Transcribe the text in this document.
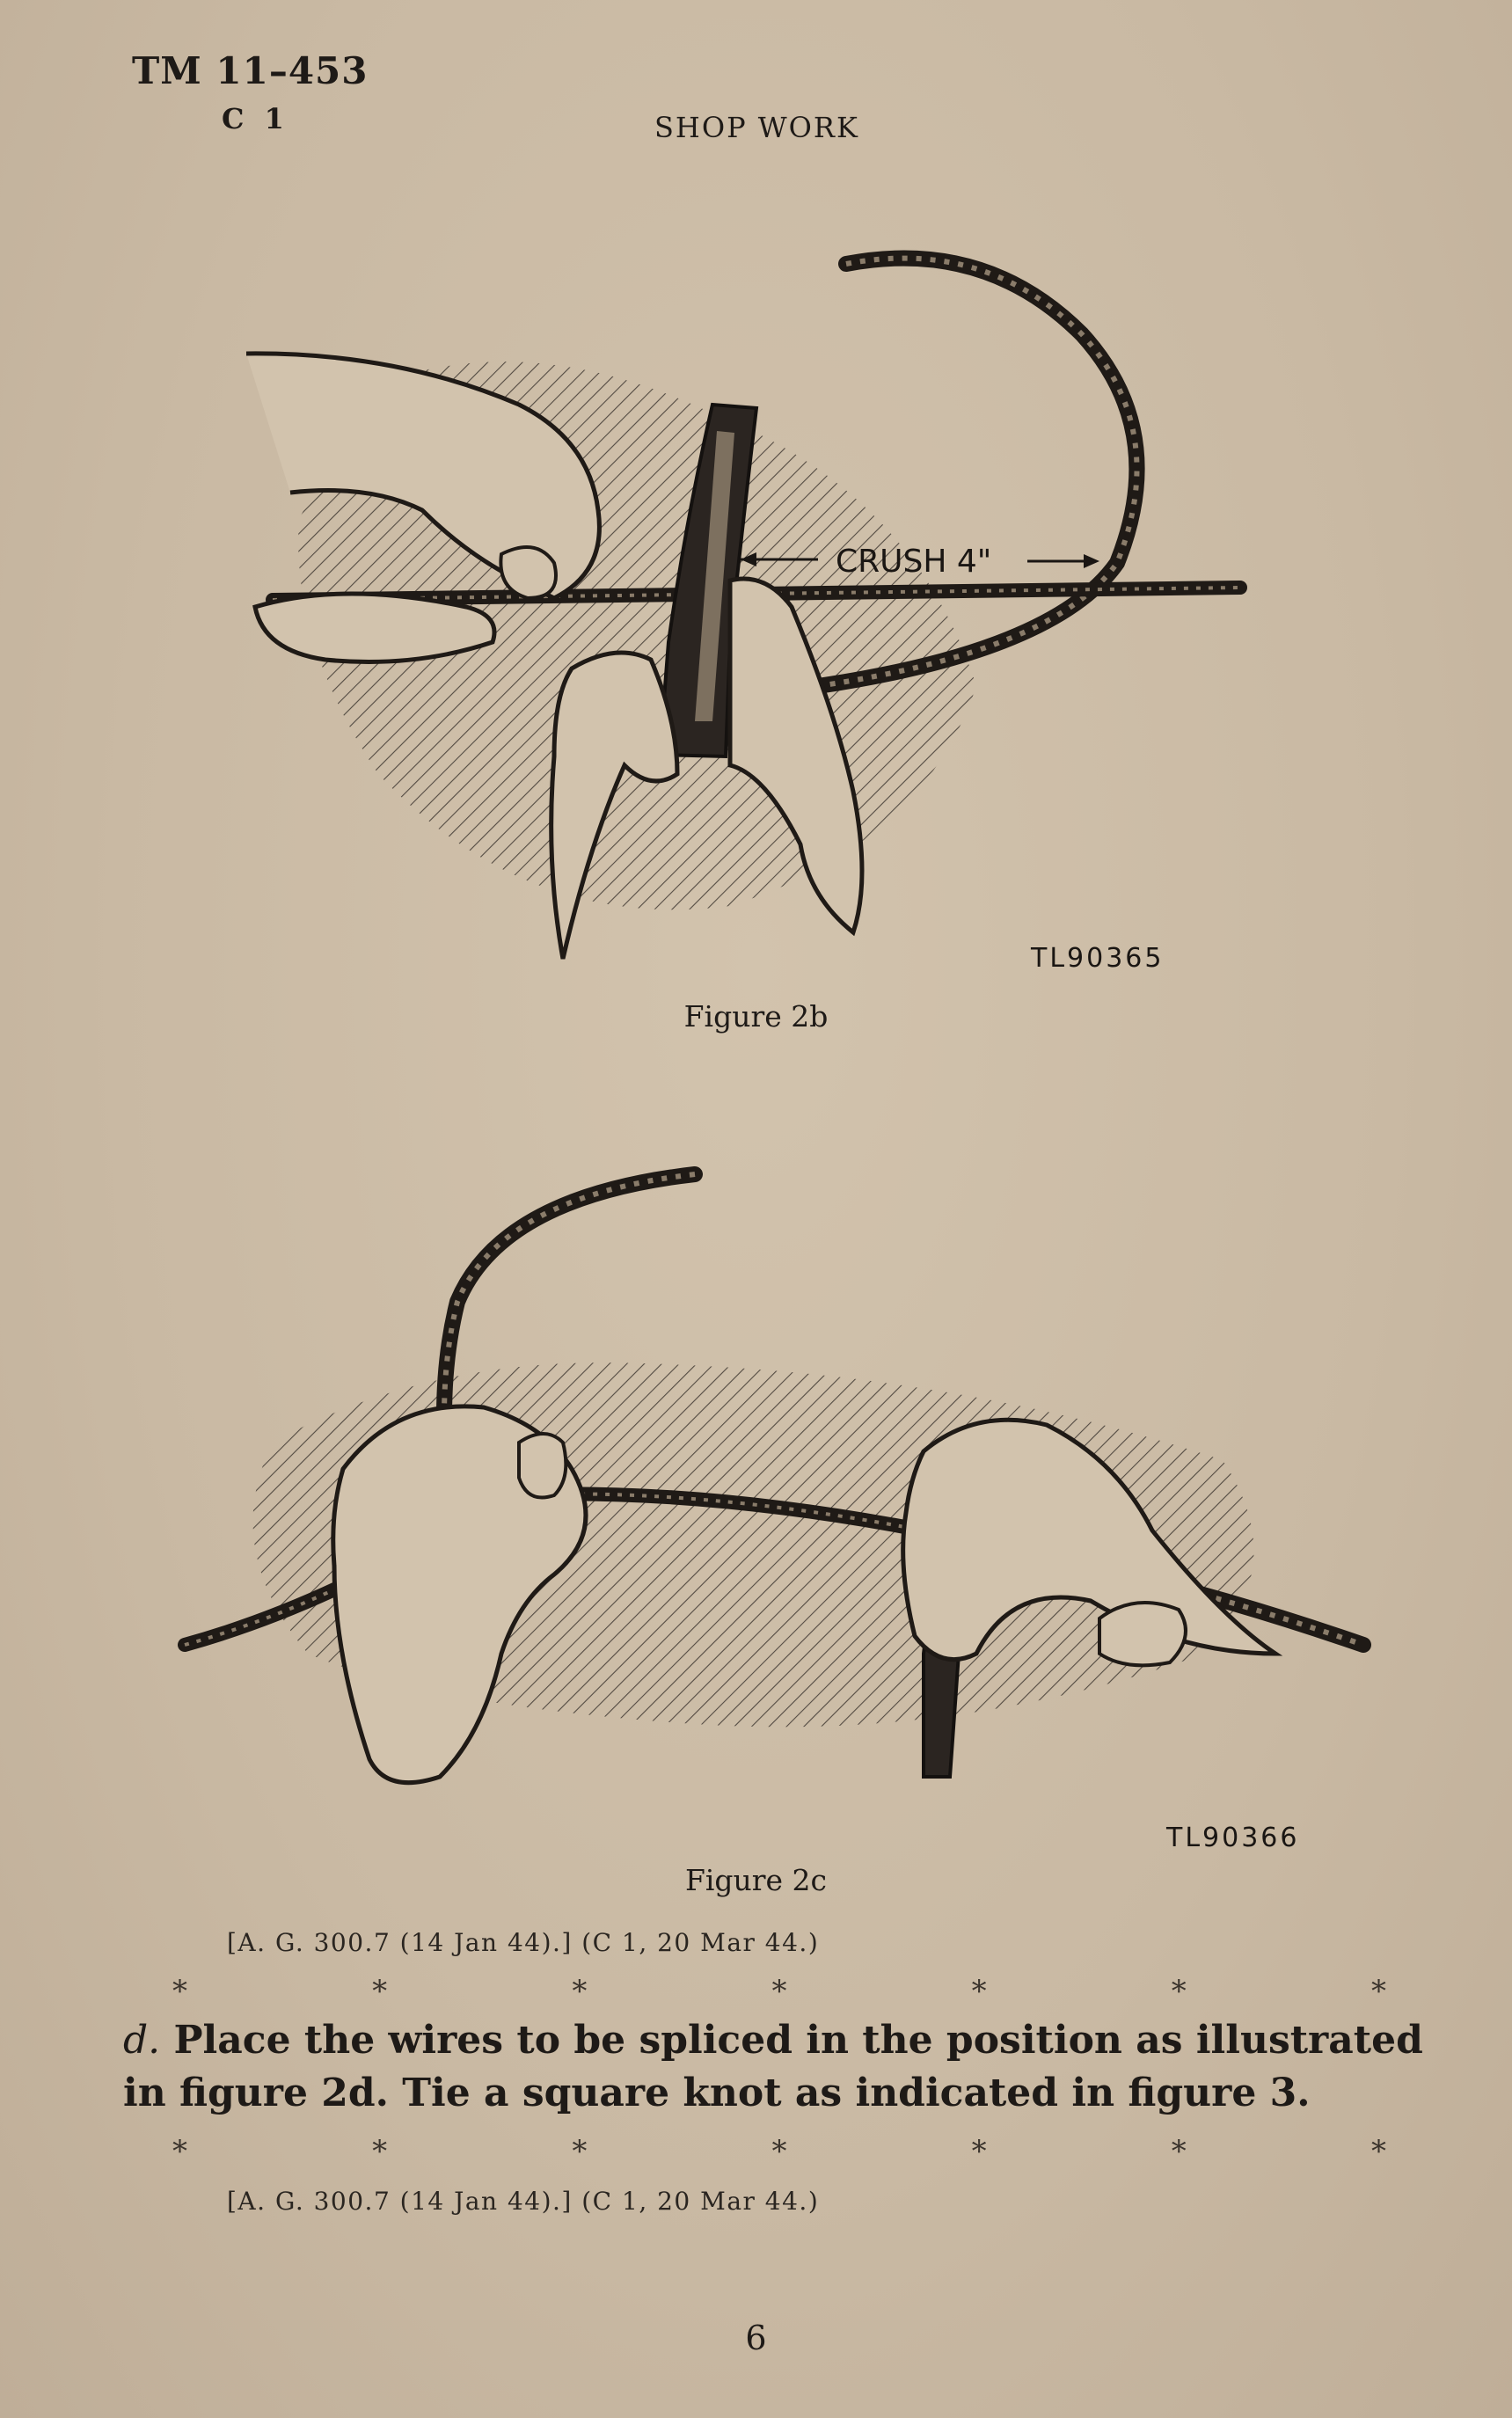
TM 11–453
C 1	SHOP WORK
CRUSH 4"
TL90365
Figure 2b
TL90366
Figure 2c
[A. G. 300.7 (14 Jan 44).] (C 1, 20 Mar 44.)
*	*	*	*	*	*	*
d. Place the wires to be spliced in the position as illustrated in figure 2d. Tie a square knot as indicated in figure 3.
*	*	*	*	*	*	*
[A. G. 300.7 (14 Jan 44).] (C 1, 20 Mar 44.)
6
